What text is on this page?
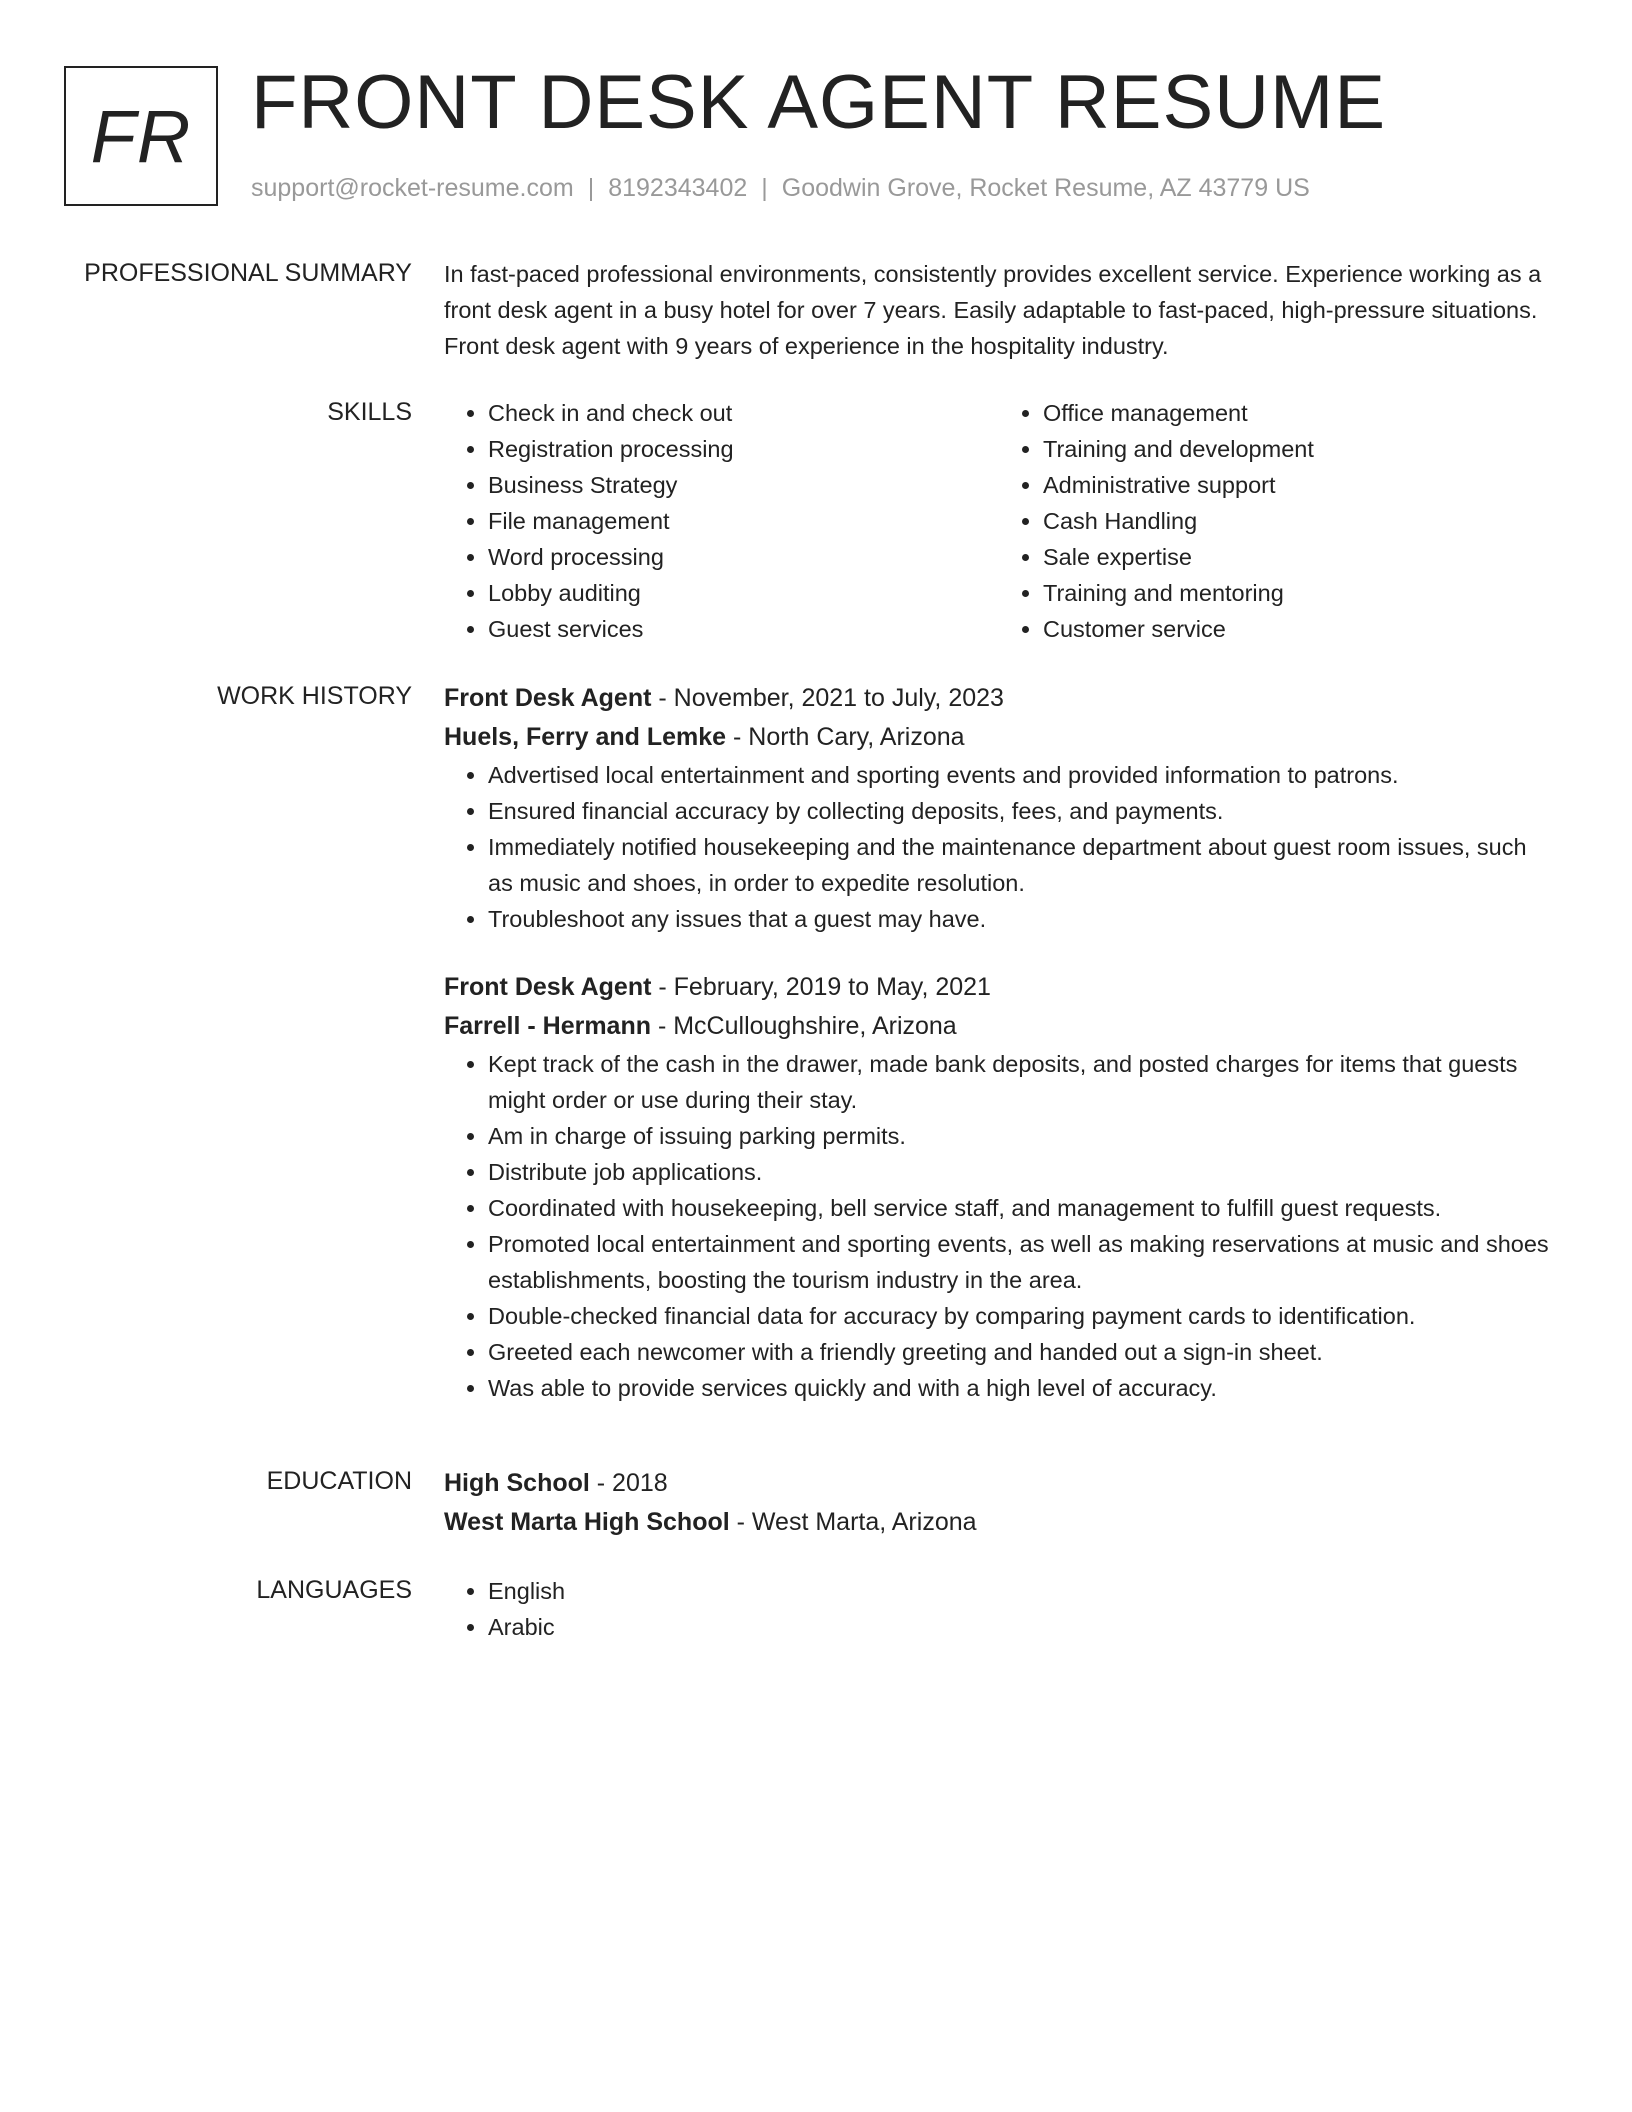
FR FRONT DESK AGENT RESUME
support@rocket-resume.com | 8192343402 | Goodwin Grove, Rocket Resume, AZ 43779 US
PROFESSIONAL SUMMARY In fast-paced professional environments, consistently provides excellent service. Experience working as a front desk agent in a busy hotel for over 7 years. Easily adaptable to fast-paced, high-pressure situations. Front desk agent with 9 years of experience in the hospitality industry.
SKILLS	• Check in and check out
• Registration processing
• Business Strategy
• File management
• Word processing
• Lobby auditing
• Guest services
• Office management
• Training and development
• Administrative support
• Cash Handling
• Sale expertise
• Training and mentoring
• Customer service
WORK HISTORY Front Desk Agent - November, 2021 to July, 2023
Huels, Ferry and Lemke - North Cary, Arizona
• Advertised local entertainment and sporting events and provided information to patrons.
• Ensured financial accuracy by collecting deposits, fees, and payments.
• Immediately notified housekeeping and the maintenance department about guest room issues, such as music and shoes, in order to expedite resolution.
• Troubleshoot any issues that a guest may have.
Front Desk Agent - February, 2019 to May, 2021
Farrell - Hermann - McCulloughshire, Arizona
• Kept track of the cash in the drawer, made bank deposits, and posted charges for items that guests might order or use during their stay.
• Am in charge of issuing parking permits.
• Distribute job applications.
• Coordinated with housekeeping, bell service staff, and management to fulfill guest requests.
• Promoted local entertainment and sporting events, as well as making reservations at music and shoes establishments, boosting the tourism industry in the area.
• Double-checked financial data for accuracy by comparing payment cards to identification.
• Greeted each newcomer with a friendly greeting and handed out a sign-in sheet.
• Was able to provide services quickly and with a high level of accuracy.
EDUCATION High School - 2018
West Marta High School - West Marta, Arizona
LANGUAGES	• English
• Arabic
